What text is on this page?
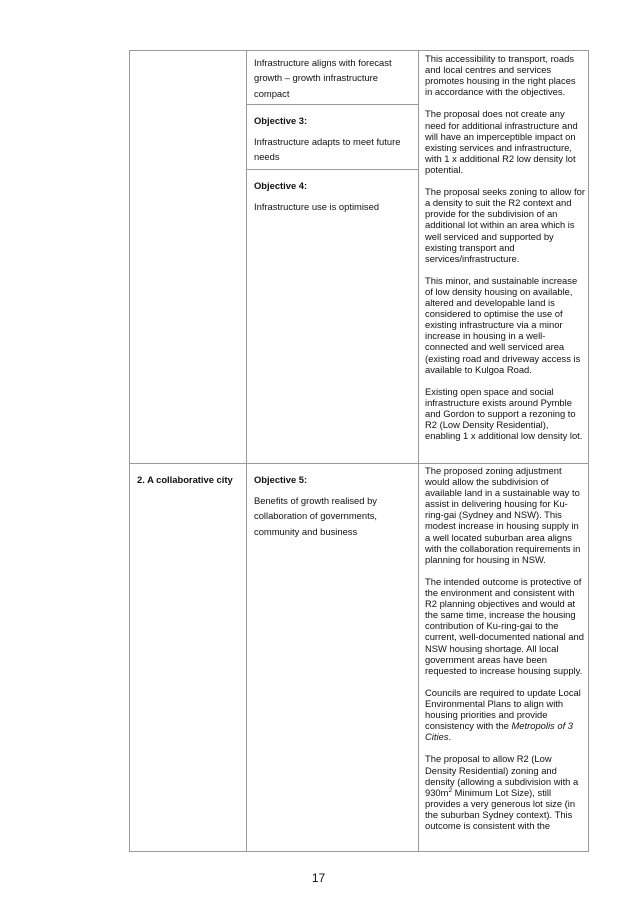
Infrastructure aligns with forecast growth – growth infrastructure compact
Objective 3:
Infrastructure adapts to meet future needs
Objective 4:
Infrastructure use is optimised

This accessibility to transport, roads and local centres and services promotes housing in the right places in accordance with the objectives.

The proposal does not create any need for additional infrastructure and will have an imperceptible impact on existing services and infrastructure, with 1 x additional R2 low density lot potential.

The proposal seeks zoning to allow for a density to suit the R2 context and provide for the subdivision of an additional lot within an area which is well serviced and supported by existing transport and services/infrastructure.

This minor, and sustainable increase of low density housing on available, altered and developable land is considered to optimise the use of existing infrastructure via a minor increase in housing in a well-connected and well serviced area (existing road and driveway access is available to Kulgoa Road.

Existing open space and social infrastructure exists around Pymble and Gordon to support a rezoning to R2 (Low Density Residential), enabling 1 x additional low density lot.

2. A collaborative city	Objective 5:
Benefits of growth realised by collaboration of governments, community and business

The proposed zoning adjustment would allow the subdivision of available land in a sustainable way to assist in delivering housing for Ku-ring-gai (Sydney and NSW). This modest increase in housing supply in a well located suburban area aligns with the collaboration requirements in planning for housing in NSW.

The intended outcome is protective of the environment and consistent with R2 planning objectives and would at the same time, increase the housing contribution of Ku-ring-gai to the current, well-documented national and NSW housing shortage. All local government areas have been requested to increase housing supply.

Councils are required to update Local Environmental Plans to align with housing priorities and provide consistency with the Metropolis of 3 Cities.

The proposal to allow R2 (Low Density Residential) zoning and density (allowing a subdivision with a $930m^2$ Minimum Lot Size), still provides a very generous lot size (in the suburban Sydney context). This outcome is consistent with the

17
